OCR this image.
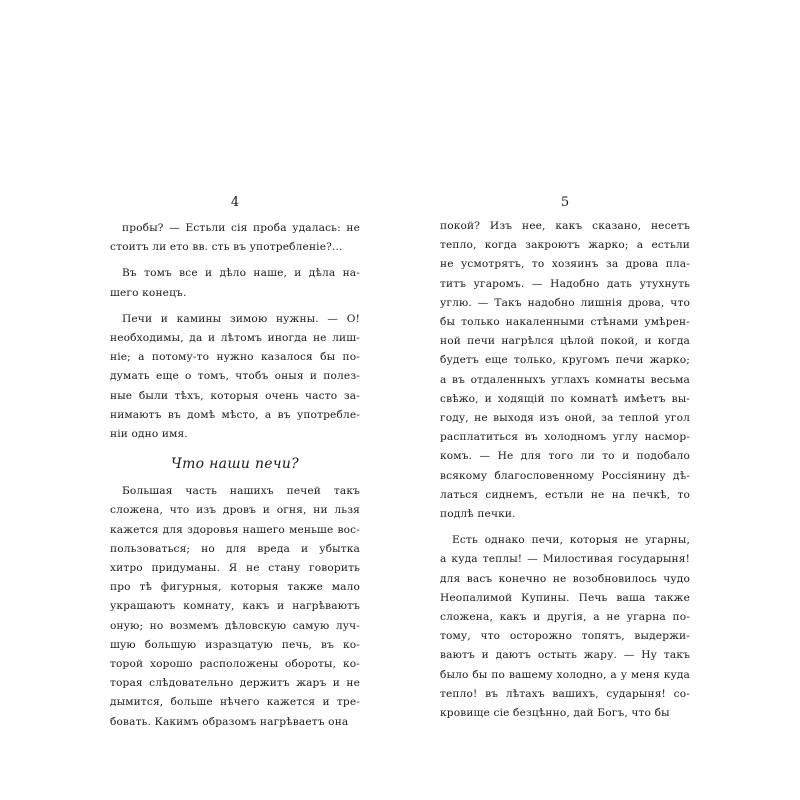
4
пробы? — Естьли сія проба удалась: не
стоитъ ли ето вв. сть въ употребленіе?...
Въ томъ все и дѣло наше, и дѣла на-
шего конецъ.
Печи и камины зимою нужны. — О!
необходимы, да и лѣтомъ иногда не лиш-
ніе; а потому-то нужно казалося бы по-
думать еще о томъ, чтобъ оныя и полез-
ные были тѣхъ, которыя очень часто за-
нимаютъ въ домѣ мѣсто, а въ употребле-
ніи одно имя.
Что наши печи?
Большая часть нашихъ печей такъ
сложена, что изъ дровъ и огня, ни льзя
кажется для здоровья нашего меньше вос-
пользоваться; но для вреда и убытка
хитро придуманы. Я не стану говорить
про тѣ фигурныя, которыя также мало
украшаютъ комнату, какъ и нагрѣваютъ
оную; но возмемъ дѣловскую самую луч-
шую большую изразцатую печь, въ ко-
торой хорошо расположены обороты, ко-
торая слѣдовательно держитъ жаръ и не
дымится, больше нѣчего кажется и тре-
бовать. Какимъ образомъ нагрѣваетъ она
5
покой? Изъ нее, какъ сказано, несетъ
тепло, когда закроютъ жарко; а естьли
не усмотрятъ, то хозяинъ за дрова пла-
титъ угаромъ. — Надобно дать утухнуть
углю. — Такъ надобно лишнія дрова, что
бы только накаленными стѣнами умѣрен-
ной печи нагрѣлся цѣлой покой, и когда
будетъ еще только, кругомъ печи жарко;
а въ отдаленныхъ углахъ комнаты весьма
свѣжо, и ходящій по комнатѣ имѣетъ вы-
году, не выходя изъ оной, за теплой угол
расплатиться въ холодномъ углу насмор-
комъ. — Не для того ли то и подобало
всякому благословенному Россіянину дѣ-
латься сиднемъ, естьли не на печкѣ, то
подлѣ печки.
Есть однако печи, которыя не угарны,
а куда теплы! — Милостивая государыня!
для васъ конечно не возобновилось чудо
Неопалимой Купины. Печь ваша также
сложена, какъ и другія, а не угарна по-
тому, что осторожно топятъ, выдержи-
ваютъ и даютъ остыть жару. — Ну такъ
было бы по вашему холодно, а у меня куда
тепло! въ лѣтахъ вашихъ, сударыня! со-
кровище сіе безцѣнно, дай Богъ, что бы
